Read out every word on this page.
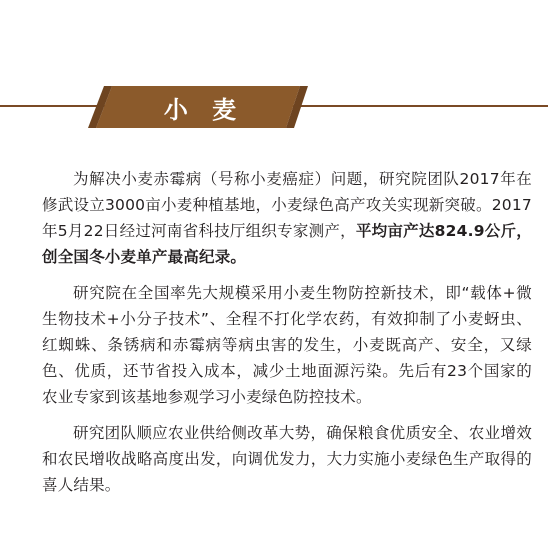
小 麦

为解决小麦赤霉病（号称小麦癌症）问题，研究院团队2017年在修武设立3000亩小麦种植基地，小麦绿色高产攻关实现新突破。2017年5月22日经过河南省科技厅组织专家测产，平均亩产达824.9公斤，创全国冬小麦单产最高纪录。

研究院在全国率先大规模采用小麦生物防控新技术，即“载体+微生物技术+小分子技术”、全程不打化学农药，有效抑制了小麦蚜虫、红蜘蛛、条锈病和赤霉病等病虫害的发生，小麦既高产、安全，又绿色、优质，还节省投入成本，减少土地面源污染。先后有23个国家的农业专家到该基地参观学习小麦绿色防控技术。

研究团队顺应农业供给侧改革大势，确保粮食优质安全、农业增效和农民增收战略高度出发，向调优发力，大力实施小麦绿色生产取得的喜人结果。
